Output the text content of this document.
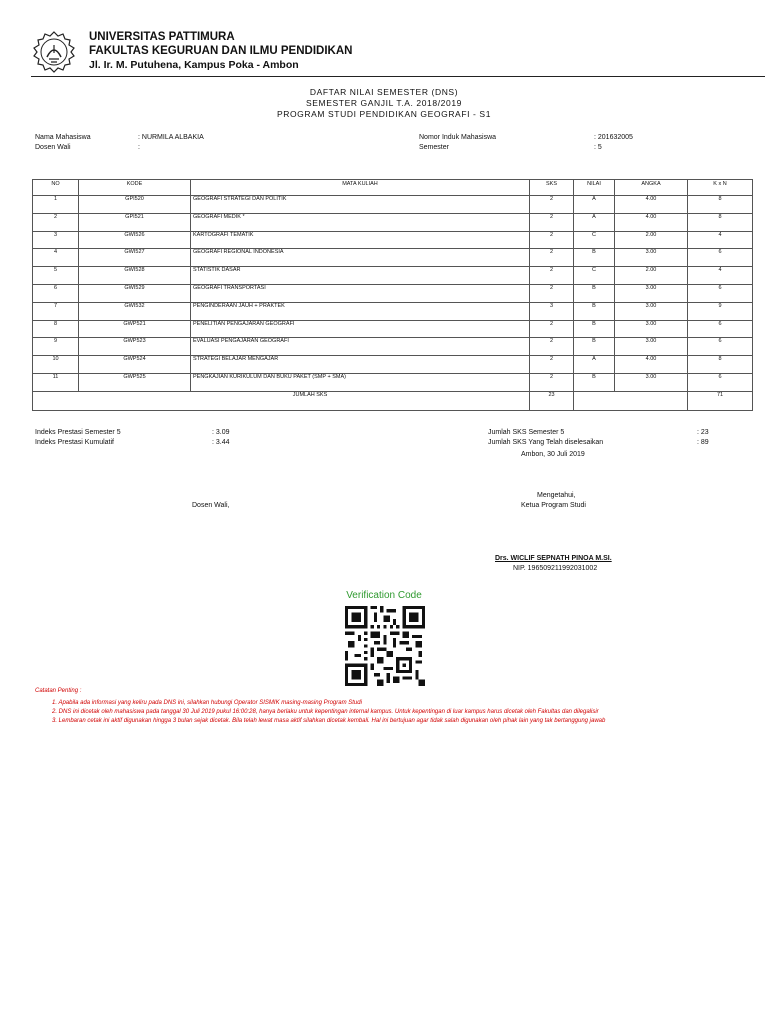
UNIVERSITAS PATTIMURA
FAKULTAS KEGURUAN DAN ILMU PENDIDIKAN
Jl. Ir. M. Putuhena, Kampus Poka - Ambon
DAFTAR NILAI SEMESTER (DNS)
SEMESTER GANJIL T.A. 2018/2019
PROGRAM STUDI PENDIDIKAN GEOGRAFI - S1
Nama Mahasiswa	: NURMILA ALBAKIA
Dosen Wali	:
Nomor Induk Mahasiswa	: 201632005
Semester	: 5
NO	KODE	MATA KULIAH	SKS	NILAI	ANGKA	K x N
1	GPI520	GEOGRAFI STRATEGI DAN POLITIK	2	A	4.00	8
2	GPI521	GEOGRAFI MEDIK *	2	A	4.00	8
3	GWI526	KARTOGRAFI TEMATIK	2	C	2.00	4
4	GWI527	GEOGRAFI REGIONAL INDONESIA	2	B	3.00	6
5	GWI528	STATISTIK DASAR	2	C	2.00	4
6	GWI529	GEOGRAFI TRANSPORTASI	2	B	3.00	6
7	GWI532	PENGINDERAAN JAUH + PRAKTEK	3	B	3.00	9
8	GWP521	PENELITIAN PENGAJARAN GEOGRAFI	2	B	3.00	6
9	GWP523	EVALUASI PENGAJARAN GEOGRAFI	2	B	3.00	6
10	GWP524	STRATEGI BELAJAR MENGAJAR	2	A	4.00	8
11	GWP525	PENGKAJIAN KURIKULUM DAN BUKU PAKET (SMP + SMA)	2	B	3.00	6
JUMLAH SKS			23			71
Indeks Prestasi Semester 5	: 3.09
Indeks Prestasi Kumulatif	: 3.44
Jumlah SKS Semester 5	: 23
Jumlah SKS Yang Telah diselesaikan	: 89
Ambon, 30 Juli 2019
Dosen Wali,
Mengetahui,
Ketua Program Studi
Drs. WICLIF SEPNATH PINOA M.SI.
NIP. 196509211992031002
Verification Code
Catatan Penting :
1. Apabila ada informasi yang keliru pada DNS ini, silahkan hubungi Operator SISMIK masing-masing Program Studi
2. DNS ini dicetak oleh mahasiswa pada tanggal 30 Juli 2019 pukul 16:00:28, hanya berlaku untuk kepentingan internal kampus. Untuk kepentingan di luar kampus harus dicetak oleh Fakultas dan dilegalisir
3. Lembaran cetak ini aktif digunakan hingga 3 bulan sejak dicetak. Bila telah lewat masa aktif silahkan dicetak kembali. Hal ini bertujuan agar tidak salah digunakan oleh pihak lain yang tak bertanggung jawab
